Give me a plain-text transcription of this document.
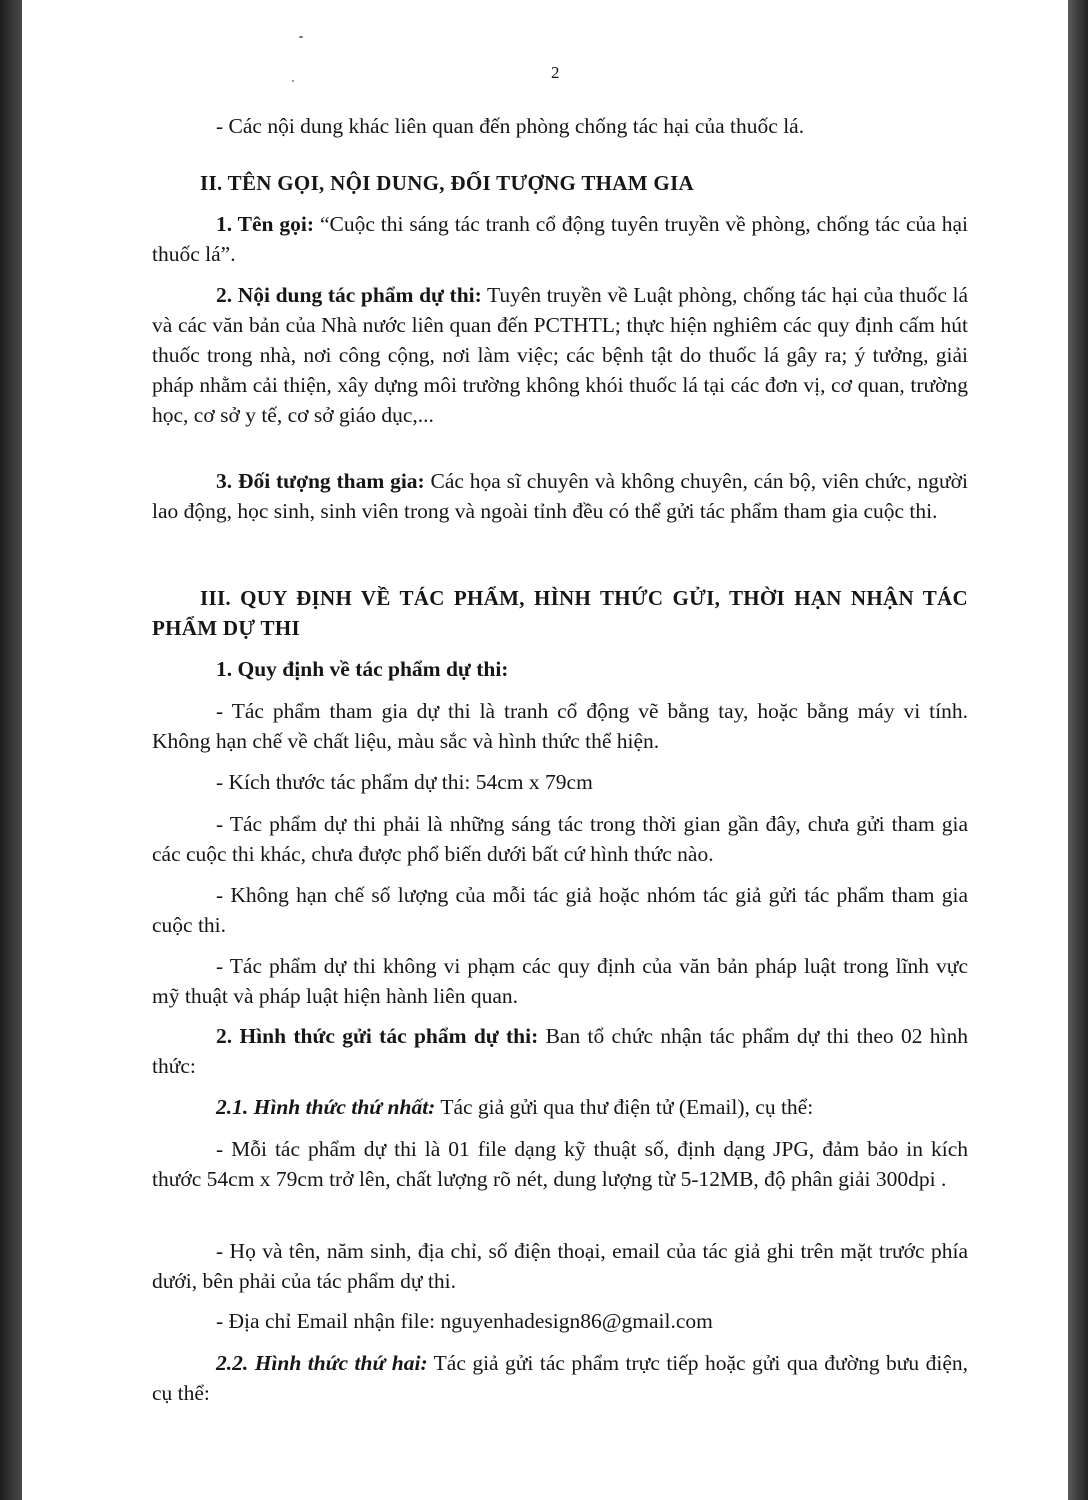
2

- Các nội dung khác liên quan đến phòng chống tác hại của thuốc lá.

II. TÊN GỌI, NỘI DUNG, ĐỐI TƯỢNG THAM GIA

1. Tên gọi: “Cuộc thi sáng tác tranh cổ động tuyên truyền về phòng, chống tác của hại thuốc lá”.

2. Nội dung tác phẩm dự thi: Tuyên truyền về Luật phòng, chống tác hại của thuốc lá và các văn bản của Nhà nước liên quan đến PCTHTL; thực hiện nghiêm các quy định cấm hút thuốc trong nhà, nơi công cộng, nơi làm việc; các bệnh tật do thuốc lá gây ra; ý tưởng, giải pháp nhằm cải thiện, xây dựng môi trường không khói thuốc lá tại các đơn vị, cơ quan, trường học, cơ sở y tế, cơ sở giáo dục,...

3. Đối tượng tham gia: Các họa sĩ chuyên và không chuyên, cán bộ, viên chức, người lao động, học sinh, sinh viên trong và ngoài tỉnh đều có thể gửi tác phẩm tham gia cuộc thi.

III. QUY ĐỊNH VỀ TÁC PHẨM, HÌNH THỨC GỬI, THỜI HẠN NHẬN TÁC PHẨM DỰ THI

1. Quy định về tác phẩm dự thi:

- Tác phẩm tham gia dự thi là tranh cổ động vẽ bằng tay, hoặc bằng máy vi tính. Không hạn chế về chất liệu, màu sắc và hình thức thể hiện.

- Kích thước tác phẩm dự thi: 54cm x 79cm

- Tác phẩm dự thi phải là những sáng tác trong thời gian gần đây, chưa gửi tham gia các cuộc thi khác, chưa được phổ biến dưới bất cứ hình thức nào.

- Không hạn chế số lượng của mỗi tác giả hoặc nhóm tác giả gửi tác phẩm tham gia cuộc thi.

- Tác phẩm dự thi không vi phạm các quy định của văn bản pháp luật trong lĩnh vực mỹ thuật và pháp luật hiện hành liên quan.

2. Hình thức gửi tác phẩm dự thi: Ban tổ chức nhận tác phẩm dự thi theo 02 hình thức:

2.1. Hình thức thứ nhất: Tác giả gửi qua thư điện tử (Email), cụ thể:

- Mỗi tác phẩm dự thi là 01 file dạng kỹ thuật số, định dạng JPG, đảm bảo in kích thước 54cm x 79cm trở lên, chất lượng rõ nét, dung lượng từ 5-12MB, độ phân giải 300dpi .

- Họ và tên, năm sinh, địa chỉ, số điện thoại, email của tác giả ghi trên mặt trước phía dưới, bên phải của tác phẩm dự thi.

- Địa chỉ Email nhận file: nguyenhadesign86@gmail.com

2.2. Hình thức thứ hai: Tác giả gửi tác phẩm trực tiếp hoặc gửi qua đường bưu điện, cụ thể:
